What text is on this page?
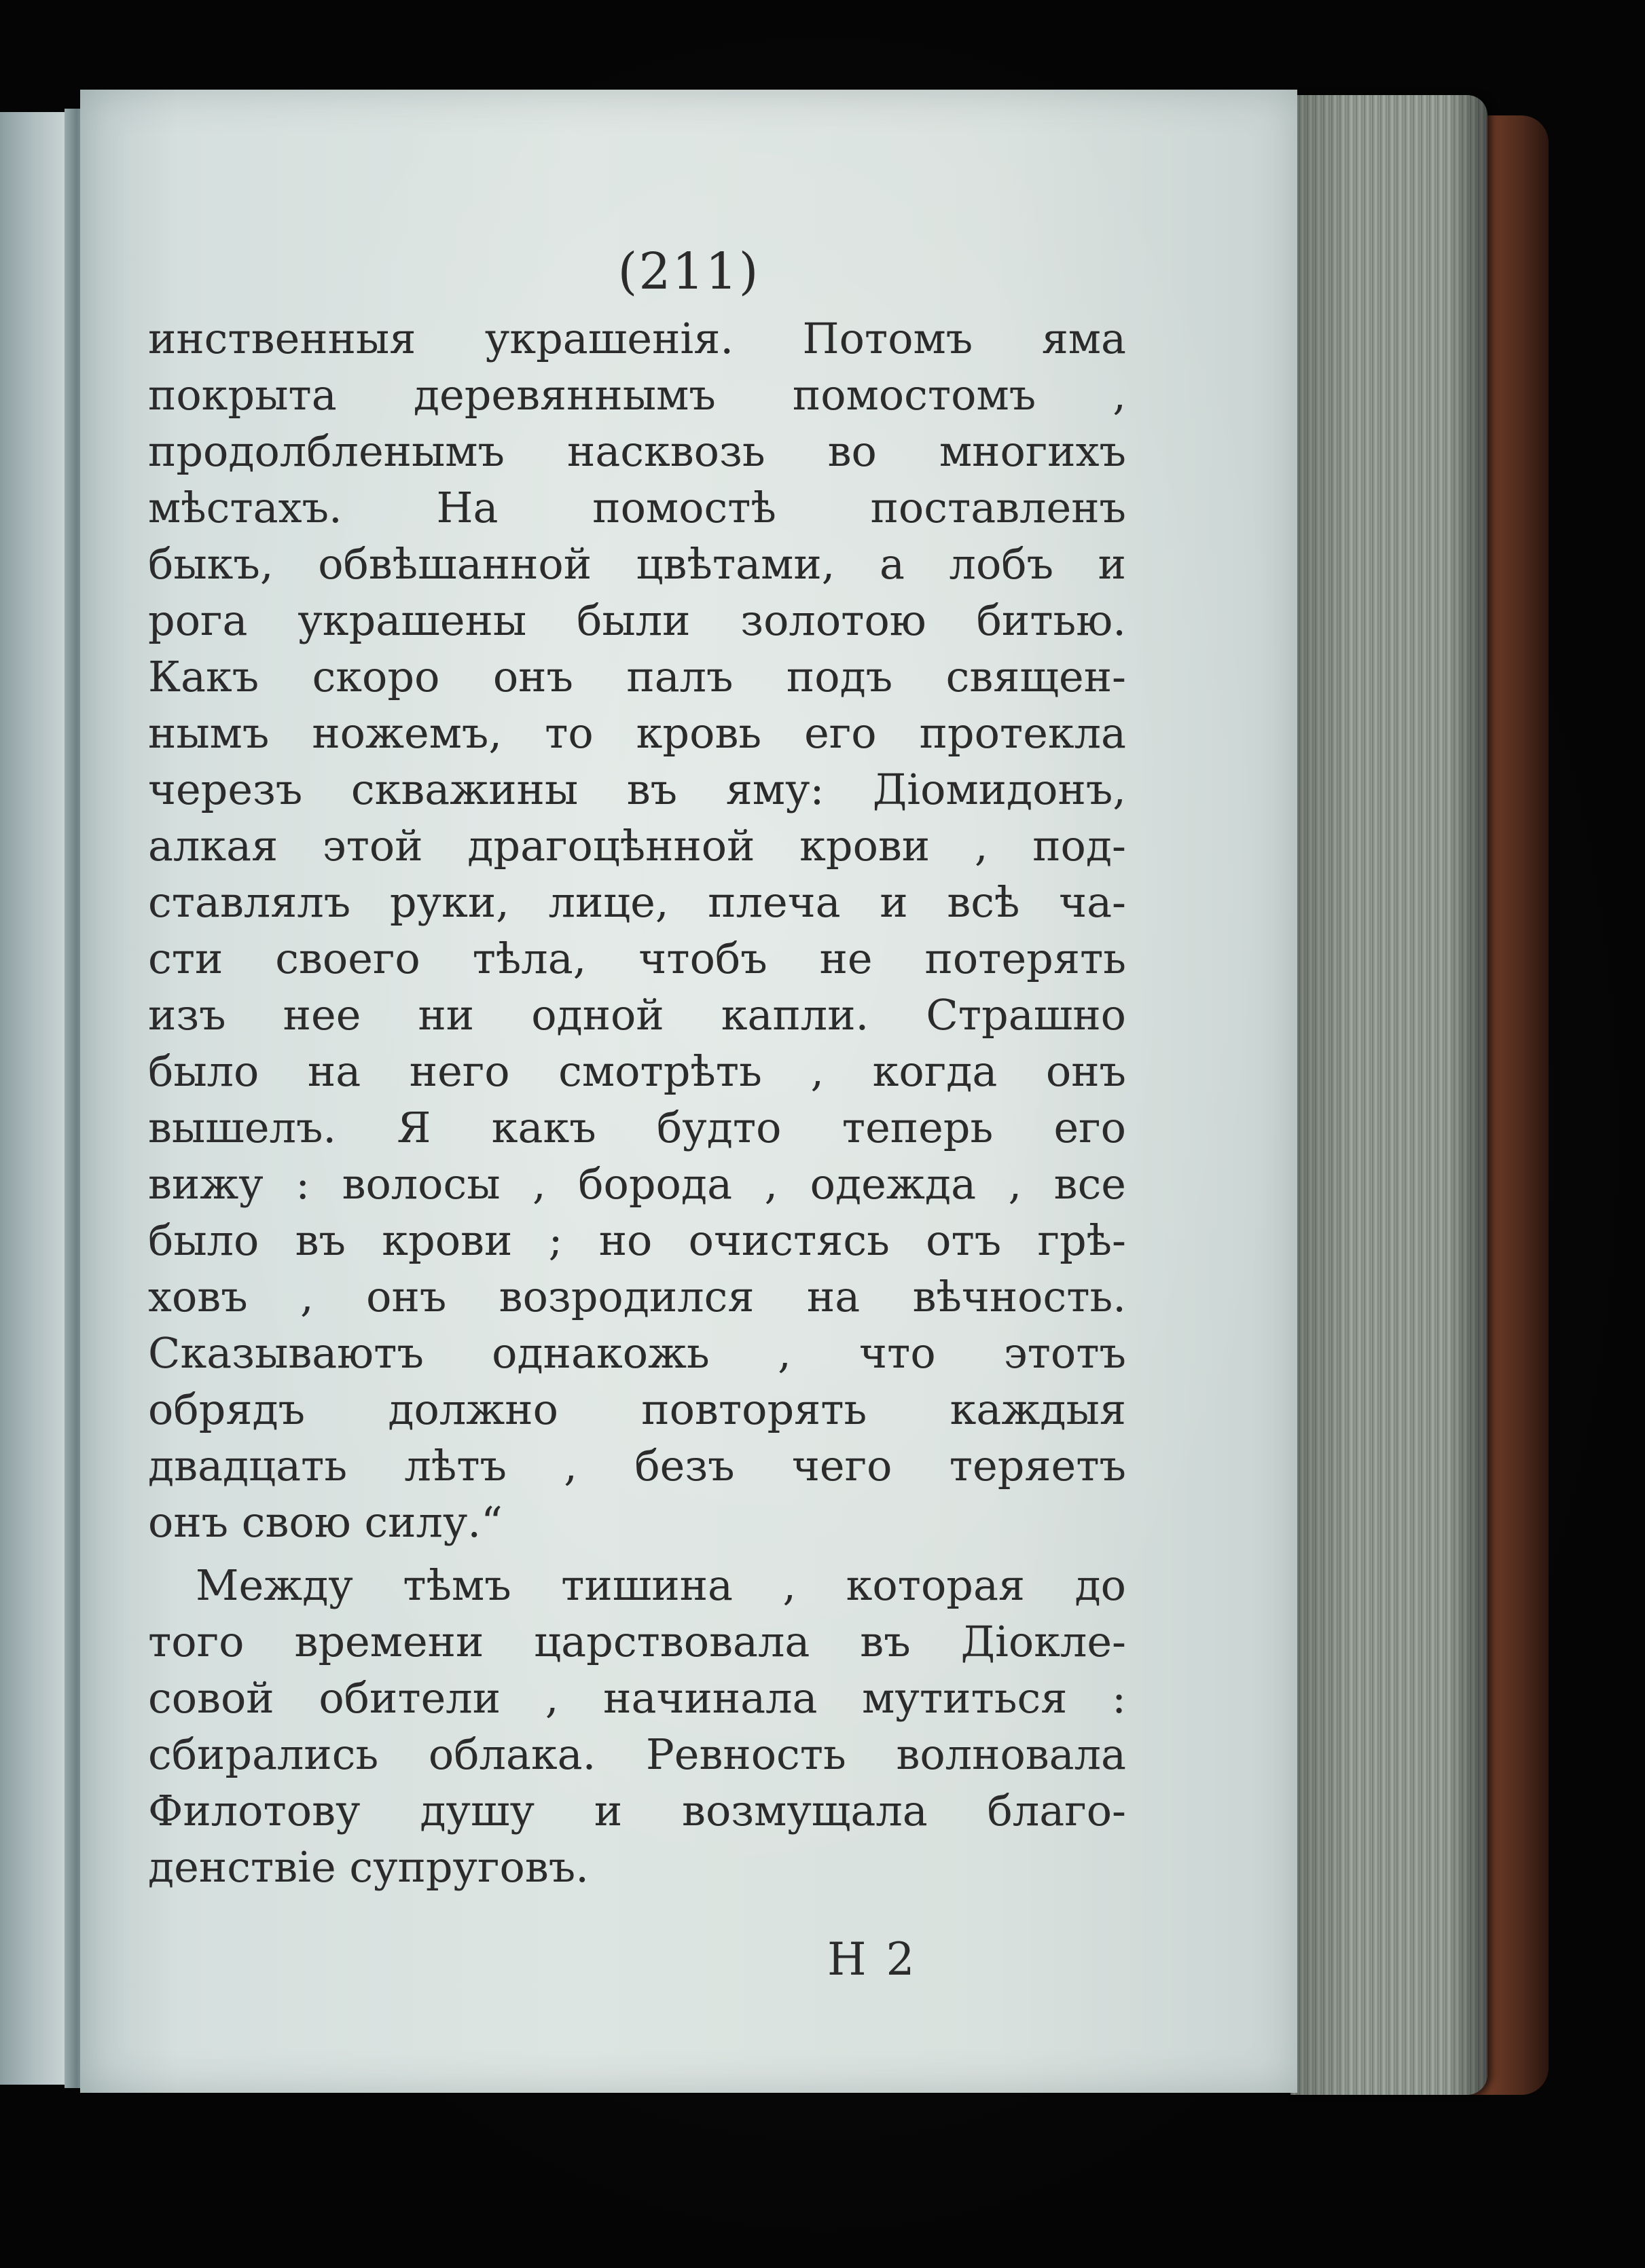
(211)
инственныя украшенія. Потомъ яма
покрыта деревяннымъ помостомъ ,
продолбленымъ насквозь во многихъ
мѣстахъ. На помостѣ поставленъ
быкъ, обвѣшанной цвѣтами, а лобъ и
рога украшены были золотою битью.
Какъ скоро онъ палъ подъ священ-
нымъ ножемъ, то кровь его протекла
черезъ скважины въ яму: Діомидонъ,
алкая этой драгоцѣнной крови , под-
ставлялъ руки, лице, плеча и всѣ ча-
сти своего тѣла, чтобъ не потерять
изъ нее ни одной капли. Страшно
было на него смотрѣть , когда онъ
вышелъ. Я какъ будто теперь его
вижу : волосы , борода , одежда , все
было въ крови ; но очистясь отъ грѣ-
ховъ , онъ возродился на вѣчность.
Сказываютъ однакожь , что этотъ
обрядъ должно повторять каждыя
двадцать лѣтъ , безъ чего теряетъ
онъ свою силу.“
Между тѣмъ тишина , которая до
того времени царствовала въ Діокле-
совой обители , начинала мутиться :
сбирались облака. Ревность волновала
Филотову душу и возмущала благо-
денствіе супруговъ.
Н 2
